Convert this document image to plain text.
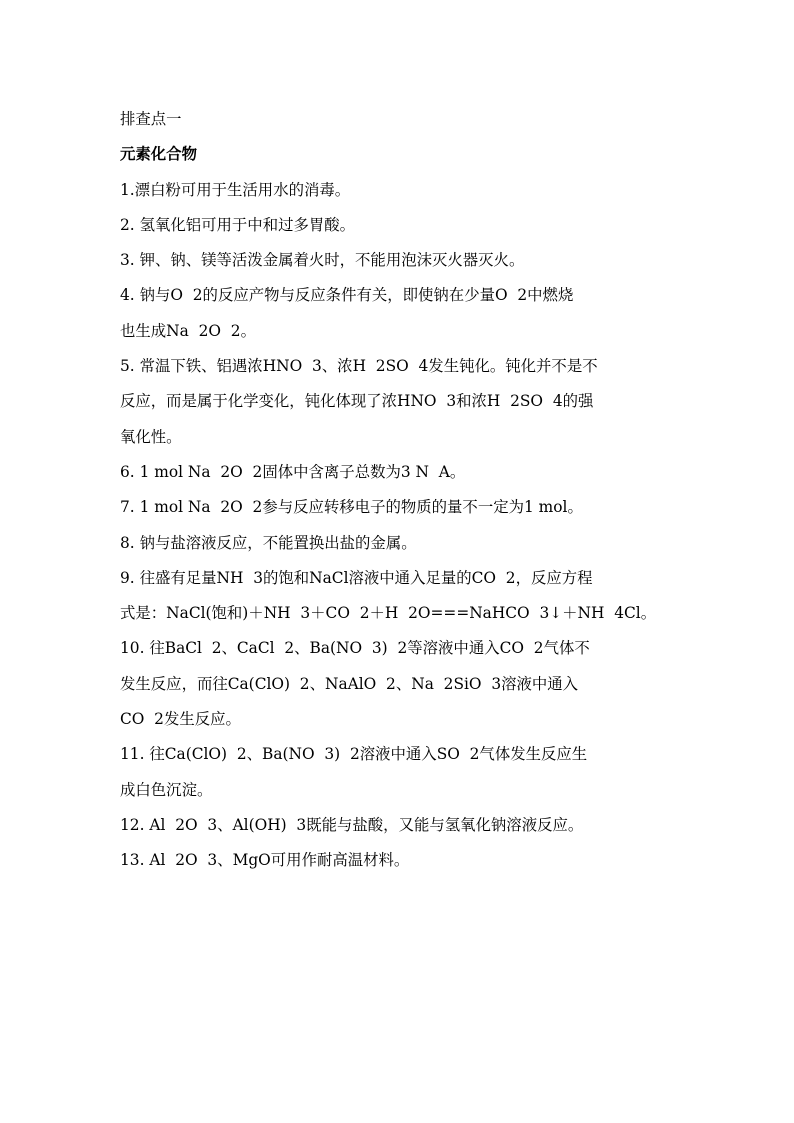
排查点一
元素化合物
1.漂白粉可用于生活用水的消毒。
2. 氢氧化铝可用于中和过多胃酸。
3. 钾、钠、镁等活泼金属着火时，不能用泡沫灭火器灭火。
4. 钠与O  2的反应产物与反应条件有关，即使钠在少量O  2中燃烧
也生成Na  2O  2。
5. 常温下铁、铝遇浓HNO  3、浓H  2SO  4发生钝化。钝化并不是不
反应，而是属于化学变化，钝化体现了浓HNO  3和浓H  2SO  4的强
氧化性。
6. 1 mol Na  2O  2固体中含离子总数为3 N  A。
7. 1 mol Na  2O  2参与反应转移电子的物质的量不一定为1 mol。
8. 钠与盐溶液反应，不能置换出盐的金属。
9. 往盛有足量NH  3的饱和NaCl溶液中通入足量的CO  2，反应方程
式是：NaCl(饱和)＋NH  3＋CO  2＋H  2O===NaHCO  3↓＋NH  4Cl。
10. 往BaCl  2、CaCl  2、Ba(NO  3)  2等溶液中通入CO  2气体不
发生反应，而往Ca(ClO)  2、NaAlO  2、Na  2SiO  3溶液中通入
CO  2发生反应。
11. 往Ca(ClO)  2、Ba(NO  3)  2溶液中通入SO  2气体发生反应生
成白色沉淀。
12. Al  2O  3、Al(OH)  3既能与盐酸，又能与氢氧化钠溶液反应。
13. Al  2O  3、MgO可用作耐高温材料。
